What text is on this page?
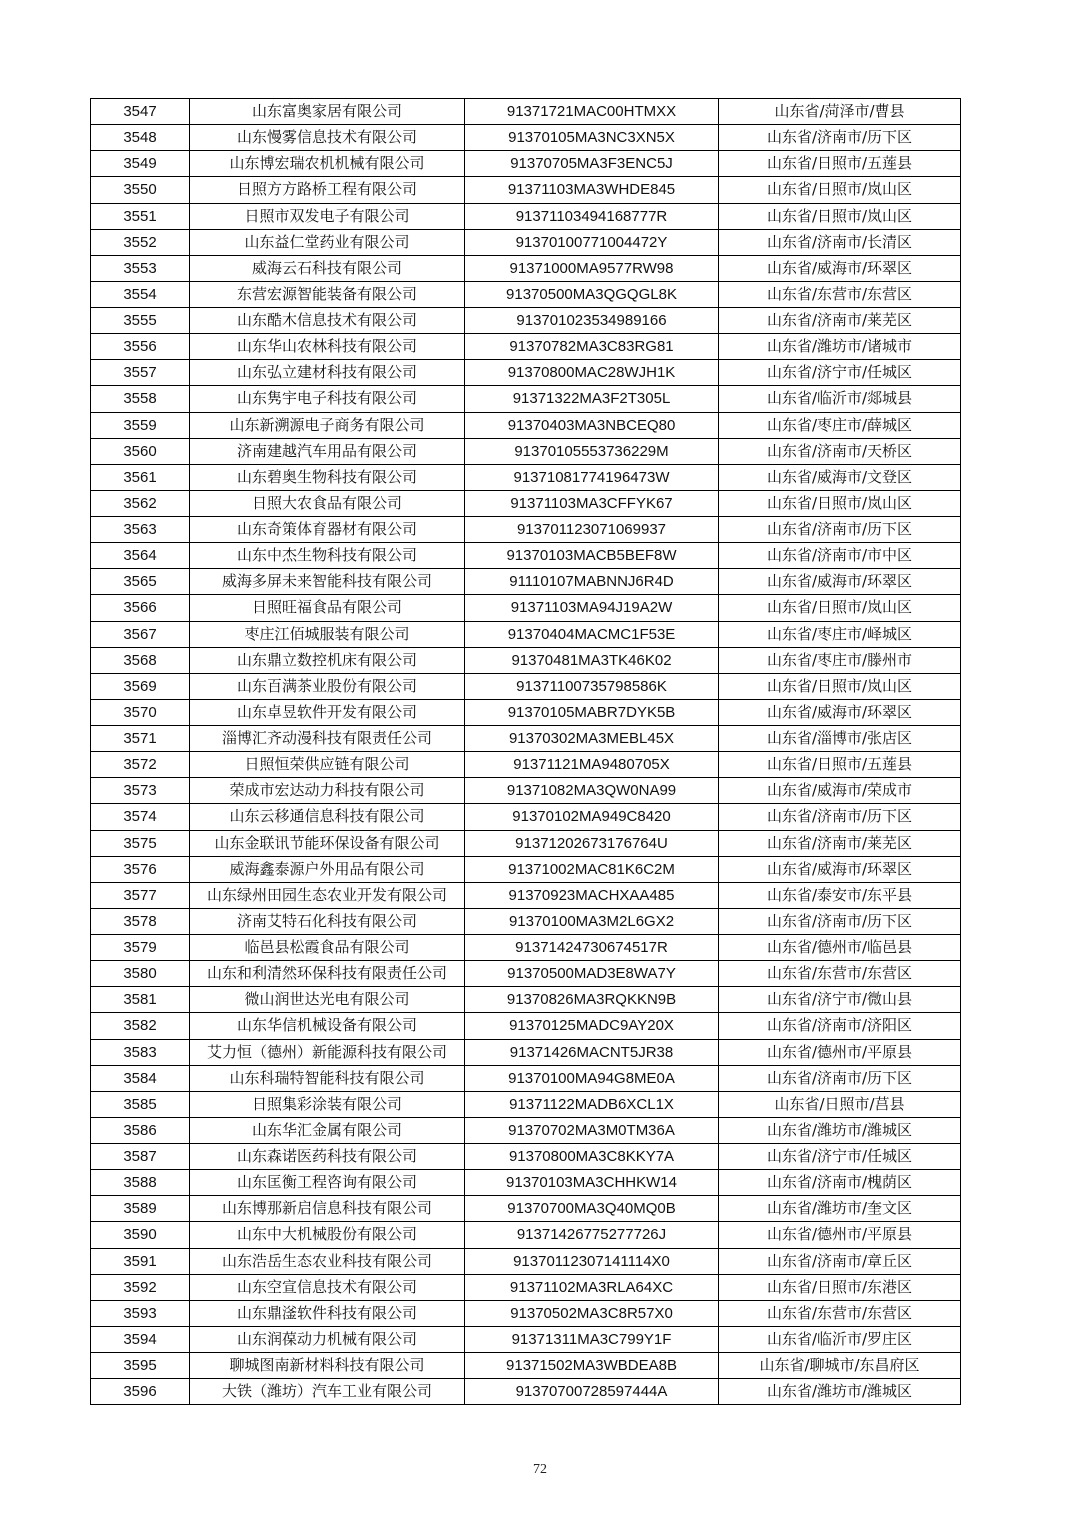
3547	山东富奥家居有限公司	91371721MAC00HTMXX	山东省/菏泽市/曹县
3548	山东慢雾信息技术有限公司	91370105MA3NC3XN5X	山东省/济南市/历下区
3549	山东博宏瑞农机机械有限公司	91370705MA3F3ENC5J	山东省/日照市/五莲县
3550	日照方方路桥工程有限公司	91371103MA3WHDE845	山东省/日照市/岚山区
3551	日照市双发电子有限公司	91371103494168777R	山东省/日照市/岚山区
3552	山东益仁堂药业有限公司	91370100771004472Y	山东省/济南市/长清区
3553	威海云石科技有限公司	91371000MA9577RW98	山东省/威海市/环翠区
3554	东营宏源智能装备有限公司	91370500MA3QGQGL8K	山东省/东营市/东营区
3555	山东酷木信息技术有限公司	913701023534989166	山东省/济南市/莱芜区
3556	山东华山农林科技有限公司	91370782MA3C83RG81	山东省/潍坊市/诸城市
3557	山东弘立建材科技有限公司	91370800MAC28WJH1K	山东省/济宁市/任城区
3558	山东隽宇电子科技有限公司	91371322MA3F2T305L	山东省/临沂市/郯城县
3559	山东新溯源电子商务有限公司	91370403MA3NBCEQ80	山东省/枣庄市/薛城区
3560	济南建越汽车用品有限公司	91370105553736229M	山东省/济南市/天桥区
3561	山东碧奥生物科技有限公司	91371081774196473W	山东省/威海市/文登区
3562	日照大农食品有限公司	91371103MA3CFFYK67	山东省/日照市/岚山区
3563	山东奇策体育器材有限公司	913701123071069937	山东省/济南市/历下区
3564	山东中杰生物科技有限公司	91370103MACB5BEF8W	山东省/济南市/市中区
3565	威海多屏未来智能科技有限公司	91110107MABNNJ6R4D	山东省/威海市/环翠区
3566	日照旺福食品有限公司	91371103MA94J19A2W	山东省/日照市/岚山区
3567	枣庄江佰城服装有限公司	91370404MACMC1F53E	山东省/枣庄市/峄城区
3568	山东鼎立数控机床有限公司	91370481MA3TK46K02	山东省/枣庄市/滕州市
3569	山东百满茶业股份有限公司	91371100735798586K	山东省/日照市/岚山区
3570	山东卓昱软件开发有限公司	91370105MABR7DYK5B	山东省/威海市/环翠区
3571	淄博汇齐动漫科技有限责任公司	91370302MA3MEBL45X	山东省/淄博市/张店区
3572	日照恒荣供应链有限公司	91371121MA9480705X	山东省/日照市/五莲县
3573	荣成市宏达动力科技有限公司	91371082MA3QW0NA99	山东省/威海市/荣成市
3574	山东云移通信息科技有限公司	91370102MA949C8420	山东省/济南市/历下区
3575	山东金联讯节能环保设备有限公司	91371202673176764U	山东省/济南市/莱芜区
3576	威海鑫泰源户外用品有限公司	91371002MAC81K6C2M	山东省/威海市/环翠区
3577	山东绿州田园生态农业开发有限公司	91370923MACHXAA485	山东省/泰安市/东平县
3578	济南艾特石化科技有限公司	91370100MA3M2L6GX2	山东省/济南市/历下区
3579	临邑县松霞食品有限公司	91371424730674517R	山东省/德州市/临邑县
3580	山东和利清然环保科技有限责任公司	91370500MAD3E8WA7Y	山东省/东营市/东营区
3581	微山润世达光电有限公司	91370826MA3RQKKN9B	山东省/济宁市/微山县
3582	山东华信机械设备有限公司	91370125MADC9AY20X	山东省/济南市/济阳区
3583	艾力恒（德州）新能源科技有限公司	91371426MACNT5JR38	山东省/德州市/平原县
3584	山东科瑞特智能科技有限公司	91370100MA94G8ME0A	山东省/济南市/历下区
3585	日照集彩涂装有限公司	91371122MADB6XCL1X	山东省/日照市/莒县
3586	山东华汇金属有限公司	91370702MA3M0TM36A	山东省/潍坊市/潍城区
3587	山东森诺医药科技有限公司	91370800MA3C8KKY7A	山东省/济宁市/任城区
3588	山东匡衡工程咨询有限公司	91370103MA3CHHKW14	山东省/济南市/槐荫区
3589	山东博那新启信息科技有限公司	91370700MA3Q40MQ0B	山东省/潍坊市/奎文区
3590	山东中大机械股份有限公司	91371426775277726J	山东省/德州市/平原县
3591	山东浩岳生态农业科技有限公司	91370112307141114X0	山东省/济南市/章丘区
3592	山东空宣信息技术有限公司	91371102MA3RLA64XC	山东省/日照市/东港区
3593	山东鼎滏软件科技有限公司	91370502MA3C8R57X0	山东省/东营市/东营区
3594	山东润葆动力机械有限公司	91371311MA3C799Y1F	山东省/临沂市/罗庄区
3595	聊城图南新材料科技有限公司	91371502MA3WBDEA8B	山东省/聊城市/东昌府区
3596	大铁（潍坊）汽车工业有限公司	91370700728597444A	山东省/潍坊市/潍城区
72
